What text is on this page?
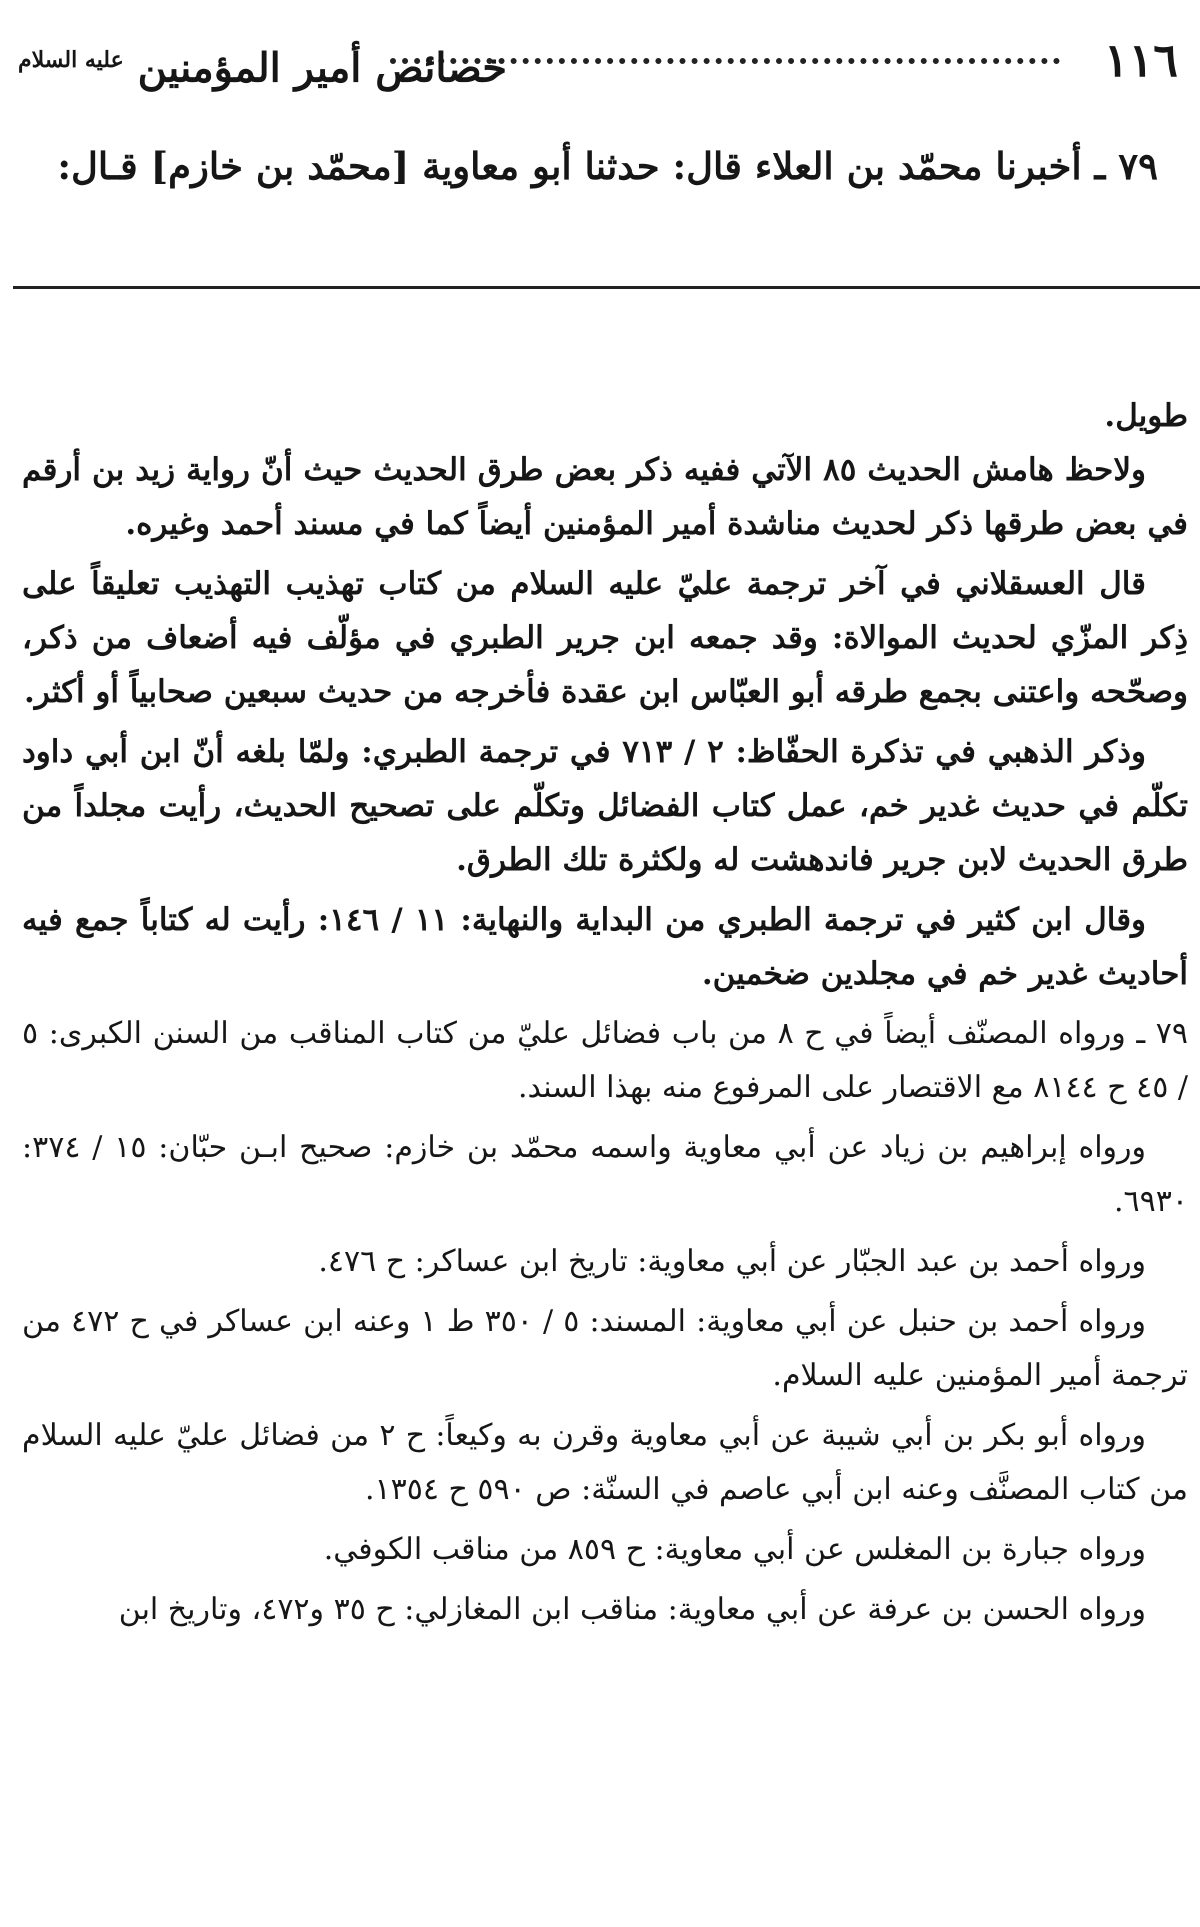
١١٦
خصائص أمير المؤمنين $^{عليه السلام}$
٧٩ ـ أخبرنا محمّد بن العلاء قال: حدثنا أبو معاوية [محمّد بن خازم] قـال:

طويل.

ولاحظ هامش الحديث ٨٥ الآتي ففيه ذكر بعض طرق الحديث حيث أنّ رواية زيد بن أرقم في بعض طرقها ذكر لحديث مناشدة أمير المؤمنين أيضاً كما في مسند أحمد وغيره.

قال العسقلاني في آخر ترجمة عليّ عليه السلام من كتاب تهذيب التهذيب تعليقاً على ذِكر المزّي لحديث الموالاة: وقد جمعه ابن جرير الطبري في مؤلّف فيه أضعاف من ذكر، وصحّحه واعتنى بجمع طرقه أبو العبّاس ابن عقدة فأخرجه من حديث سبعين صحابياً أو أكثر.

وذكر الذهبي في تذكرة الحفّاظ: ٢ / ٧١٣ في ترجمة الطبري: ولمّا بلغه أنّ ابن أبي داود تكلّم في حديث غدير خم، عمل كتاب الفضائل وتكلّم على تصحيح الحديث، رأيت مجلداً من طرق الحديث لابن جرير فاندهشت له ولكثرة تلك الطرق.

وقال ابن كثير في ترجمة الطبري من البداية والنهاية: ١١ / ١٤٦: رأيت له كتاباً جمع فيه أحاديث غدير خم في مجلدين ضخمين.

٧٩ ـ ورواه المصنّف أيضاً في ح ٨ من باب فضائل عليّ من كتاب المناقب من السنن الكبرى: ٥ / ٤٥ ح ٨١٤٤ مع الاقتصار على المرفوع منه بهذا السند.

ورواه إبراهيم بن زياد عن أبي معاوية واسمه محمّد بن خازم: صحيح ابـن حبّان: ١٥ / ٣٧٤: ٦٩٣٠.

ورواه أحمد بن عبد الجبّار عن أبي معاوية: تاريخ ابن عساكر: ح ٤٧٦.

ورواه أحمد بن حنبل عن أبي معاوية: المسند: ٥ / ٣٥٠ ط ١ وعنه ابن عساكر في ح ٤٧٢ من ترجمة أمير المؤمنين عليه السلام.

ورواه أبو بكر بن أبي شيبة عن أبي معاوية وقرن به وكيعاً: ح ٢ من فضائل عليّ عليه السلام من كتاب المصنَّف وعنه ابن أبي عاصم في السنّة: ص ٥٩٠ ح ١٣٥٤.

ورواه جبارة بن المغلس عن أبي معاوية: ح ٨٥٩ من مناقب الكوفي.

ورواه الحسن بن عرفة عن أبي معاوية: مناقب ابن المغازلي: ح ٣٥ و٤٧٢، وتاريخ ابن
